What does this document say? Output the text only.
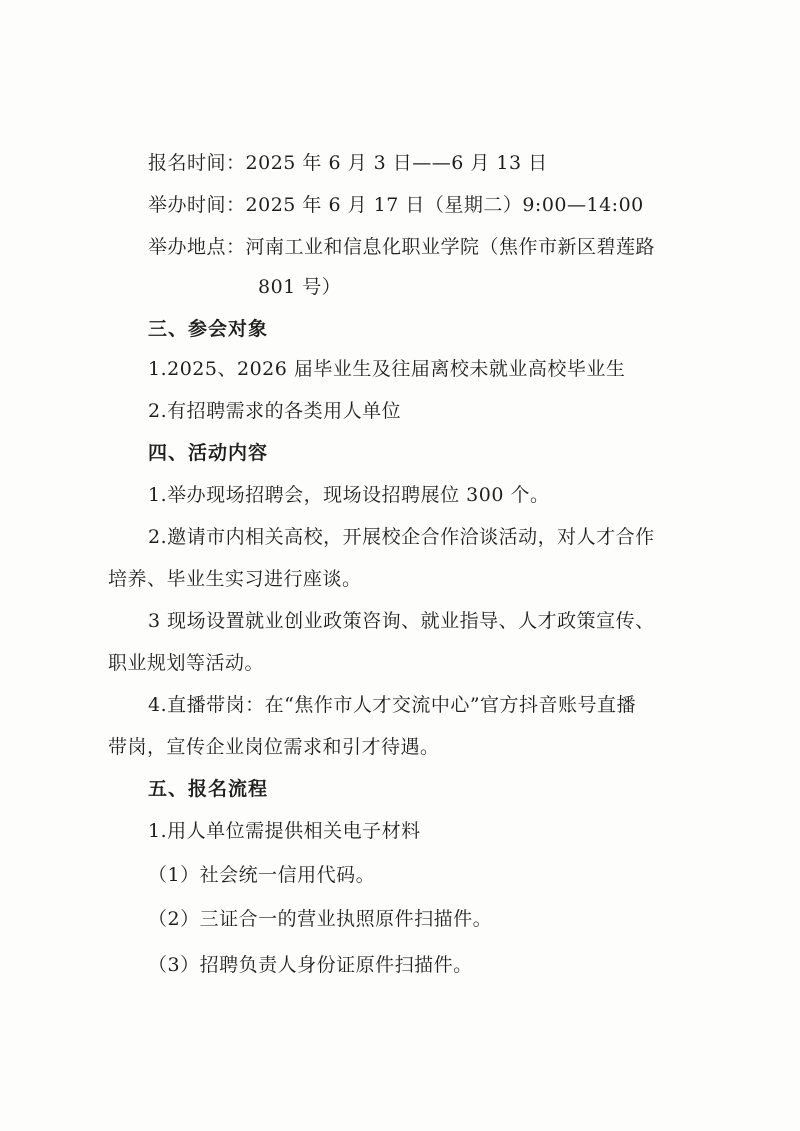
报名时间：2025 年 6 月 3 日——6 月 13 日
举办时间：2025 年 6 月 17 日（星期二）9:00—14:00
举办地点：河南工业和信息化职业学院（焦作市新区碧莲路
801 号）
三、参会对象
1.2025、2026 届毕业生及往届离校未就业高校毕业生
2.有招聘需求的各类用人单位
四、活动内容
1.举办现场招聘会，现场设招聘展位 300 个。
2.邀请市内相关高校，开展校企合作洽谈活动，对人才合作
培养、毕业生实习进行座谈。
3 现场设置就业创业政策咨询、就业指导、人才政策宣传、
职业规划等活动。
4.直播带岗：在“焦作市人才交流中心”官方抖音账号直播
带岗，宣传企业岗位需求和引才待遇。
五、报名流程
1.用人单位需提供相关电子材料
（1）社会统一信用代码。
（2）三证合一的营业执照原件扫描件。
（3）招聘负责人身份证原件扫描件。
